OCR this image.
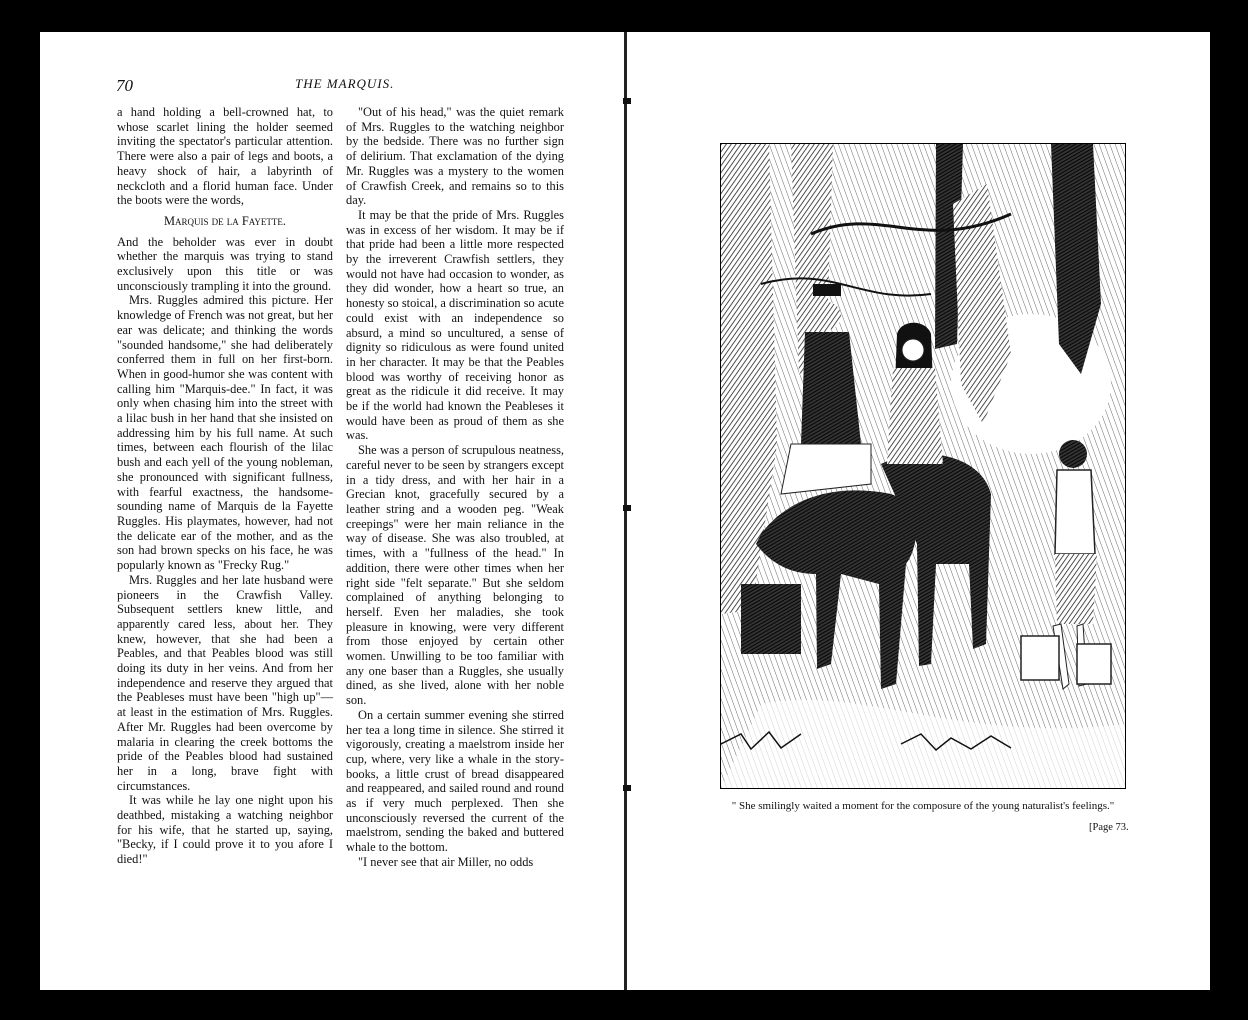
70	THE MARQUIS.

a hand holding a bell-crowned hat, to whose scarlet lining the holder seemed inviting the spectator's particular attention. There were also a pair of legs and boots, a heavy shock of hair, a labyrinth of neckcloth and a florid human face. Under the boots were the words,

Marquis de la Fayette.

And the beholder was ever in doubt whether the marquis was trying to stand exclusively upon this title or was unconsciously trampling it into the ground.

Mrs. Ruggles admired this picture. Her knowledge of French was not great, but her ear was delicate; and thinking the words "sounded handsome," she had deliberately conferred them in full on her first-born. When in good-humor she was content with calling him "Marquis-dee." In fact, it was only when chasing him into the street with a lilac bush in her hand that she insisted on addressing him by his full name. At such times, between each flourish of the lilac bush and each yell of the young nobleman, she pronounced with significant fullness, with fearful exactness, the handsome-sounding name of Marquis de la Fayette Ruggles. His playmates, however, had not the delicate ear of the mother, and as the son had brown specks on his face, he was popularly known as "Frecky Rug."

Mrs. Ruggles and her late husband were pioneers in the Crawfish Valley. Subsequent settlers knew little, and apparently cared less, about her. They knew, however, that she had been a Peables, and that Peables blood was still doing its duty in her veins. And from her independence and reserve they argued that the Peableses must have been "high up"—at least in the estimation of Mrs. Ruggles. After Mr. Ruggles had been overcome by malaria in clearing the creek bottoms the pride of the Peables blood had sustained her in a long, brave fight with circumstances.

It was while he lay one night upon his deathbed, mistaking a watching neighbor for his wife, that he started up, saying, "Becky, if I could prove it to you afore I died!"

"Out of his head," was the quiet remark of Mrs. Ruggles to the watching neighbor by the bedside. There was no further sign of delirium. That exclamation of the dying Mr. Ruggles was a mystery to the women of Crawfish Creek, and remains so to this day.

It may be that the pride of Mrs. Ruggles was in excess of her wisdom. It may be if that pride had been a little more respected by the irreverent Crawfish settlers, they would not have had occasion to wonder, as they did wonder, how a heart so true, an honesty so stoical, a discrimination so acute could exist with an independence so absurd, a mind so uncultured, a sense of dignity so ridiculous as were found united in her character. It may be that the Peables blood was worthy of receiving honor as great as the ridicule it did receive. It may be if the world had known the Peableses it would have been as proud of them as she was.

She was a person of scrupulous neatness, careful never to be seen by strangers except in a tidy dress, and with her hair in a Grecian knot, gracefully secured by a leather string and a wooden peg. "Weak creepings" were her main reliance in the way of disease. She was also troubled, at times, with a "fullness of the head." In addition, there were other times when her right side "felt separate." But she seldom complained of anything belonging to herself. Even her maladies, she took pleasure in knowing, were very different from those enjoyed by certain other women. Unwilling to be too familiar with any one baser than a Ruggles, she usually dined, as she lived, alone with her noble son.

On a certain summer evening she stirred her tea a long time in silence. She stirred it vigorously, creating a maelstrom inside her cup, where, very like a whale in the story-books, a little crust of bread disappeared and reappeared, and sailed round and round as if very much perplexed. Then she unconsciously reversed the current of the maelstrom, sending the baked and buttered whale to the bottom.

"I never see that air Miller, no odds

" She smilingly waited a moment for the composure of the young naturalist's feelings."
[Page 73.
